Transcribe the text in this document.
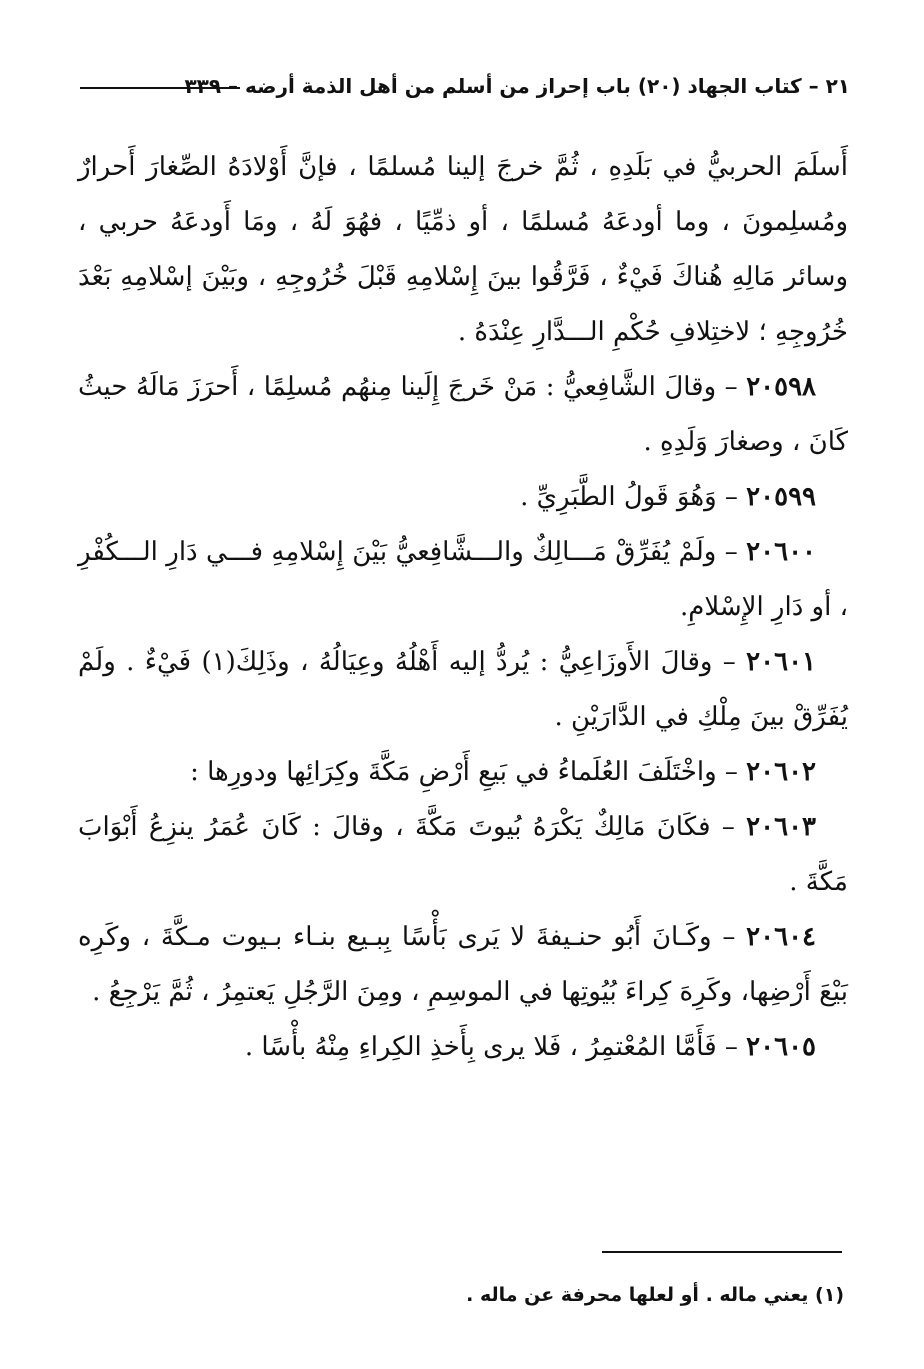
٢١ – كتاب الجهاد (٢٠) باب إحراز من أسلم من أهل الذمة أرضه – ٣٣٩

أَسلَمَ الحربيُّ في بَلَدِهِ ، ثُمَّ خرجَ إلينا مُسلمًا ، فإنَّ أَوْلادَهُ الصِّغارَ أَحرارٌ ومُسلِمونَ ، وما أودعَهُ مُسلمًا ، أو ذمِّيًا ، فهُوَ لَهُ ، ومَا أَودعَهُ حربي ، وسائر مَالِهِ هُناكَ فَيْءٌ ، فَرَّقُوا بينَ إِسْلامِهِ قَبْلَ خُرُوجِهِ ، وبَيْنَ إسْلامِهِ بَعْدَ خُرُوجِهِ ؛ لاختِلافِ حُكْمِ الـــدَّارِ عِنْدَهُ .

٢٠٥٩٨ – وقالَ الشَّافِعيُّ : مَنْ خَرجَ إِلَينا مِنهُم مُسلِمًا ، أَحرَزَ مَالَهُ حيثُ كَانَ ، وصغارَ وَلَدِهِ .

٢٠٥٩٩ – وَهُوَ قَولُ الطَّبَرِيِّ .

٢٠٦٠٠ – ولَمْ يُفَرِّقْ مَـــالِكٌ والـــشَّافِعيُّ بَيْنَ إِسْلامِهِ فـــي دَارِ الـــكُفْرِ ، أو دَارِ الإِسْلامِ.

٢٠٦٠١ – وقالَ الأَوزَاعِيُّ : يُردُّ إليه أَهْلُهُ وعِيَالُهُ ، وذَلِكَ(١) فَيْءٌ . ولَمْ يُفَرِّقْ بينَ مِلْكِ في الدَّارَيْنِ .

٢٠٦٠٢ – واخْتَلَفَ العُلَماءُ في بَيعِ أَرْضِ مَكَّةَ وكِرَائِها ودورِها :

٢٠٦٠٣ – فكَانَ مَالِكٌ يَكْرَهُ بُيوتَ مَكَّةَ ، وقالَ : كَانَ عُمَرُ ينزِعُ أَبْوَابَ مَكَّةَ .

٢٠٦٠٤ – وكَـانَ أَبُو حنـيفةَ لا يَرى بَأْسًا بِبـيع بنـاء بـيوت مـكَّةَ ، وكَرِه بَيْعَ أَرْضِها، وكَرِهَ كِراءَ بُيُوتِها في الموسِمِ ، ومِنَ الرَّجُلِ يَعتمِرُ ، ثُمَّ يَرْجِعُ .

٢٠٦٠٥ – فَأَمَّا المُعْتمِرُ ، فَلا يرى بِأَخذِ الكِراءِ مِنْهُ بأْسًا .

(١) يعني ماله . أو لعلها محرفة عن ماله .
